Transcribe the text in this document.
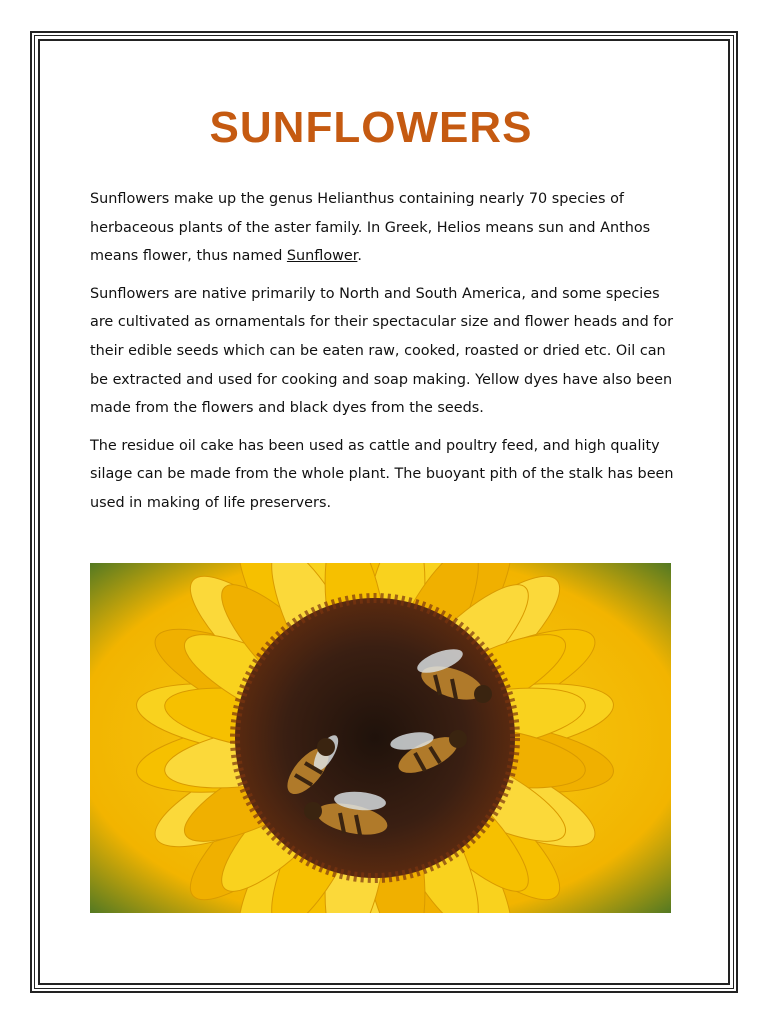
SUNFLOWERS

Sunflowers make up the genus Helianthus containing nearly 70 species of herbaceous plants of the aster family. In Greek, Helios means sun and Anthos means flower, thus named Sunflower.

Sunflowers are native primarily to North and South America, and some species are cultivated as ornamentals for their spectacular size and flower heads and for their edible seeds which can be eaten raw, cooked, roasted or dried etc. Oil can be extracted and used for cooking and soap making. Yellow dyes have also been made from the flowers and black dyes from the seeds.

The residue oil cake has been used as cattle and poultry feed, and high quality silage can be made from the whole plant. The buoyant pith of the stalk has been used in making of life preservers.
